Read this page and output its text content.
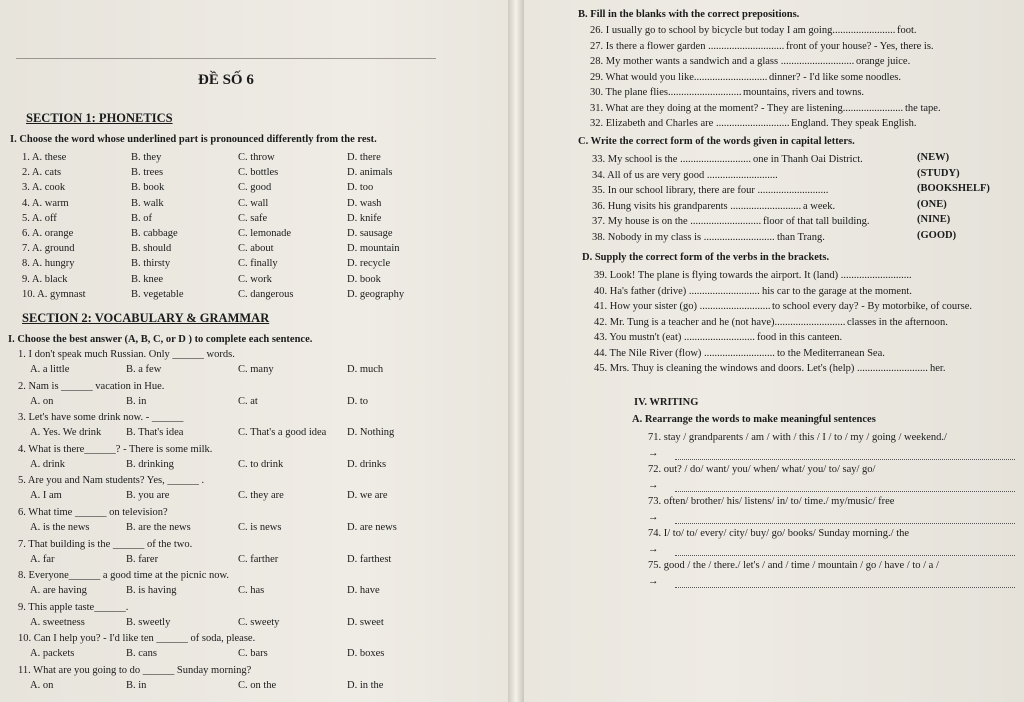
ĐỀ SỐ 6
SECTION 1: PHONETICS
I. Choose the word whose underlined part is pronounced differently from the rest.
1. A. these	B. they	C. throw	D. there
2. A. cats	B. trees	C. bottles	D. animals
3. A. cook	B. book	C. good	D. too
4. A. warm	B. walk	C. wall	D. wash
5. A. off	B. of	C. safe	D. knife
6. A. orange	B. cabbage	C. lemonade	D. sausage
7. A. ground	B. should	C. about	D. mountain
8. A. hungry	B. thirsty	C. finally	D. recycle
9. A. black	B. knee	C. work	D. book
10. A. gymnast	B. vegetable	C. dangerous	D. geography
SECTION 2: VOCABULARY & GRAMMAR
I. Choose the best answer (A, B, C, or D ) to complete each sentence.
1. I don't speak much Russian. Only ______ words.
A. a little	B. a few	C. many	D. much
2. Nam is ______ vacation in Hue.
A. on	B. in	C. at	D. to
3. Let's have some drink now. - ______
A. Yes. We drink B. That's idea	C. That's a good idea D. Nothing
4. What is there______? - There is some milk.
A. drink	B. drinking	C. to drink	D. drinks
5. Are you and Nam students? Yes, ______ .
A. I am	B. you are	C. they are	D. we are
6. What time ______ on television?
A. is the news	B. are the news	C. is news	D. are news
7. That building is the ______ of the two.
A. far	B. farer	C. farther	D. farthest
8. Everyone______ a good time at the picnic now.
A. are having	B. is having	C. has	D. have
9. This apple taste______.
A. sweetness	B. sweetly	C. sweety	D. sweet
10. Can I help you? - I'd like ten ______ of soda, please.
A. packets	B. cans	C. bars	D. boxes
11. What are you going to do ______ Sunday morning?
A. on	B. in	C. on the	D. in the
B. Fill in the blanks with the correct prepositions.
26. I usually go to school by bicycle but today I am going........................ foot.
27. Is there a flower garden ............................. front of your house? - Yes, there is.
28. My mother wants a sandwich and a glass ............................ orange juice.
29. What would you like............................ dinner? - I'd like some noodles.
30. The plane flies............................ mountains, rivers and towns.
31. What are they doing at the moment? - They are listening....................... the tape.
32. Elizabeth and Charles are ............................ England. They speak English.
C. Write the correct form of the words given in capital letters.
33. My school is the ........................... one in Thanh Oai District.	(NEW)
34. All of us are very good ...........................	(STUDY)
35. In our school library, there are four ...........................	(BOOKSHELF)
36. Hung visits his grandparents ........................... a week.	(ONE)
37. My house is on the ........................... floor of that tall building.	(NINE)
38. Nobody in my class is ........................... than Trang.	(GOOD)
D. Supply the correct form of the verbs in the brackets.
39. Look! The plane is flying towards the airport. It (land) ...........................
40. Ha's father (drive) ........................... his car to the garage at the moment.
41. How your sister (go) ........................... to school every day? - By motorbike, of course.
42. Mr. Tung is a teacher and he (not have)........................... classes in the afternoon.
43. You mustn't (eat) ........................... food in this canteen.
44. The Nile River (flow) ........................... to the Mediterranean Sea.
45. Mrs. Thuy is cleaning the windows and doors. Let's (help) ........................... her.
IV. WRITING
A. Rearrange the words to make meaningful sentences
71. stay / grandparents / am / with / this / I / to / my / going / weekend./
→
72. out? / do/ want/ you/ when/ what/ you/ to/ say/ go/
→
73. often/ brother/ his/ listens/ in/ to/ time./ my/music/ free
→
74. I/ to/ to/ every/ city/ buy/ go/ books/ Sunday morning./ the
→
75. good / the / there./ let's / and / time / mountain / go / have / to / a /
→
